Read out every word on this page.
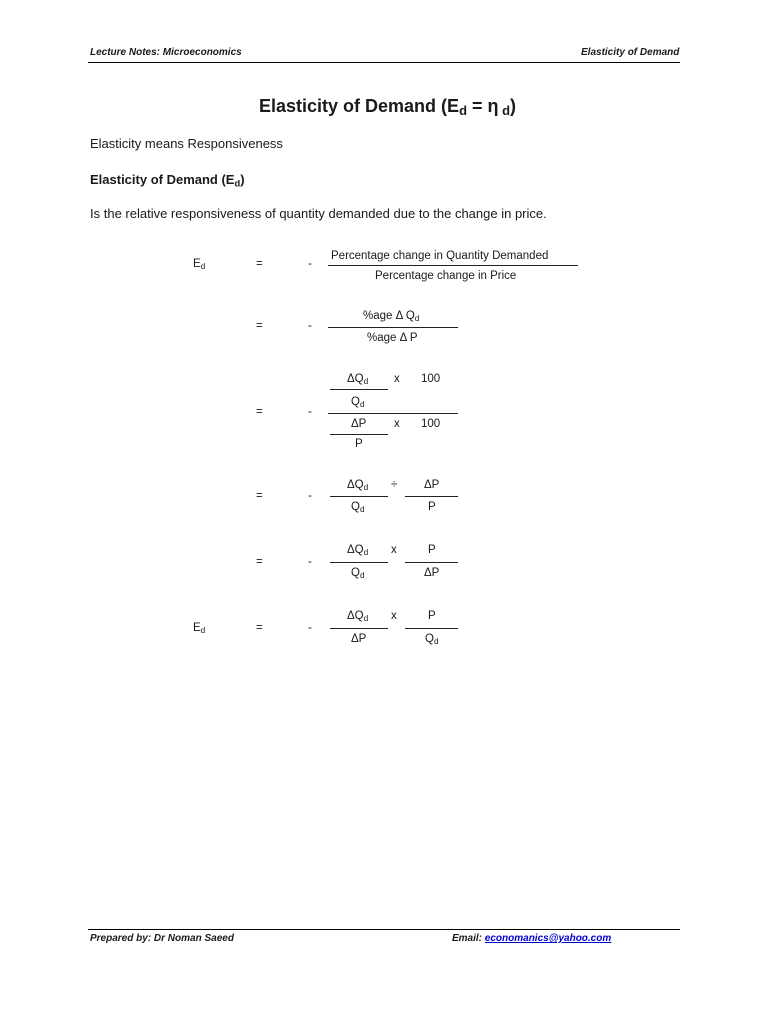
Lecture Notes: Microeconomics	Elasticity of Demand
Elasticity of Demand ($E_d = \eta$ $_d$)
Elasticity means Responsiveness
Elasticity of Demand $(E_d)$
Is the relative responsiveness of quantity demanded due to the change in price.
$E_d$	=	-
Percentage change in Quantity Demanded
Percentage change in Price
=	-
%age Δ $Q_d$
%age Δ P
=	-
$\Delta Q_d$
$Q_d$
x 100
ΔP
P
x 100
=	-
$\Delta Q_d$
$Q_d$
÷ ΔP
P
=	-
$\Delta Q_d$
$Q_d$
x	P
ΔP
$E_d$	=	-
$\Delta Q_d$
ΔP
x	P
$Q_d$
Prepared by: Dr Noman Saeed	Email: economanics@yahoo.com
